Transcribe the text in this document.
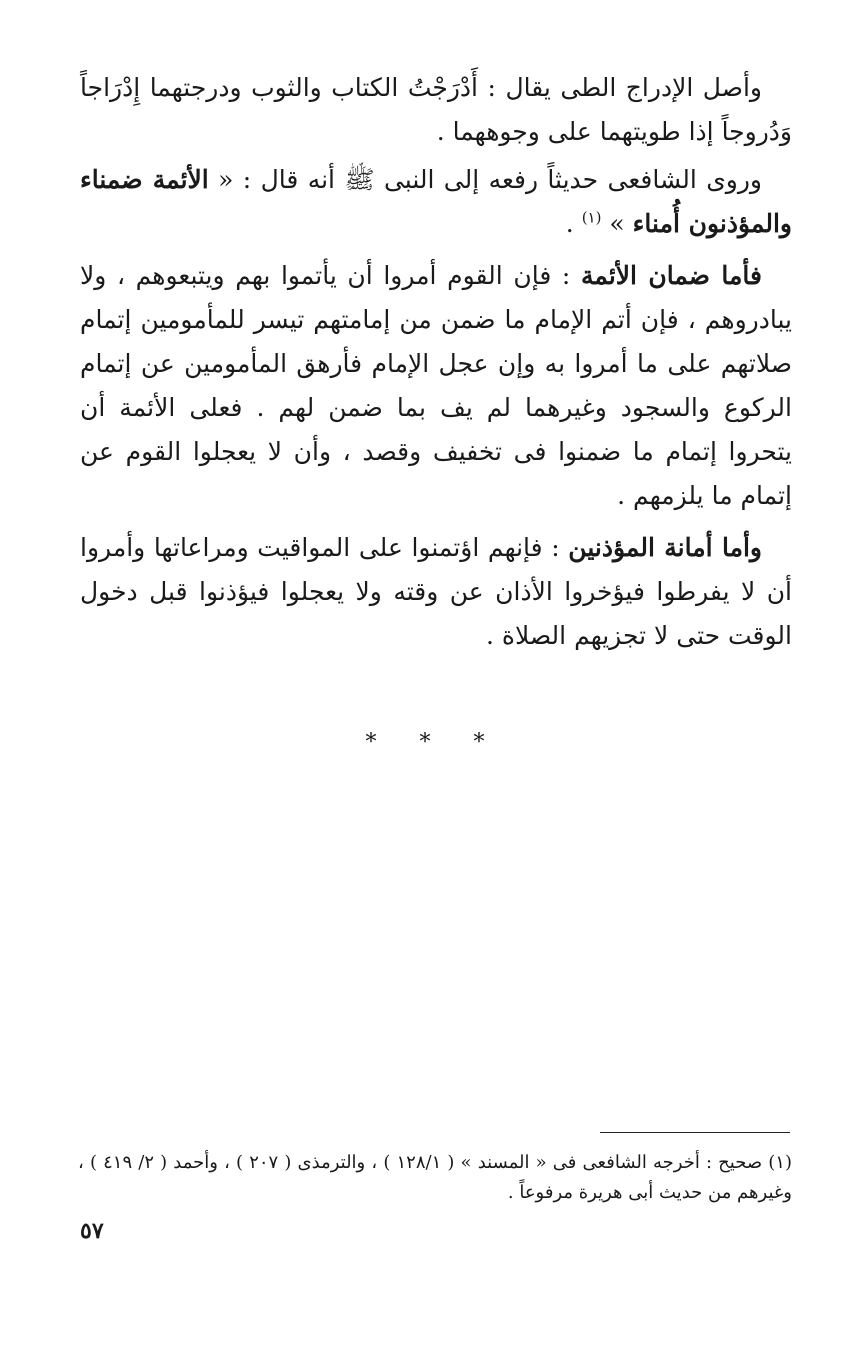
وأصل الإدراج الطى يقال : أَدْرَجْتُ الكتاب والثوب ودرجتهما إِدْرَاجاً وَدُروجاً إذا طويتهما على وجوههما .

وروى الشافعى حديثاً رفعه إلى النبى ﷺ أنه قال : « الأئمة ضمناء والمؤذنون أُمناء » $^{(١)}$ .

فأما ضمان الأئمة : فإن القوم أمروا أن يأتموا بهم ويتبعوهم ، ولا يبادروهم ، فإن أتم الإمام ما ضمن من إمامتهم تيسر للمأمومين إتمام صلاتهم على ما أمروا به وإن عجل الإمام فأرهق المأمومين عن إتمام الركوع والسجود وغيرهما لم يف بما ضمن لهم . فعلى الأئمة أن يتحروا إتمام ما ضمنوا فى تخفيف وقصد ، وأن لا يعجلوا القوم عن إتمام ما يلزمهم .

وأما أمانة المؤذنين : فإنهم اؤتمنوا على المواقيت ومراعاتها وأمروا أن لا يفرطوا فيؤخروا الأذان عن وقته ولا يعجلوا فيؤذنوا قبل دخول الوقت حتى لا تجزيهم الصلاة .

* * *
(١) صحيح : أخرجه الشافعى فى « المسند » ( ١٢٨/١ ) ، والترمذى ( ٢٠٧ ) ، وأحمد ( ٢/ ٤١٩ ) ، وغيرهم من حديث أبى هريرة مرفوعاً .
٥٧
